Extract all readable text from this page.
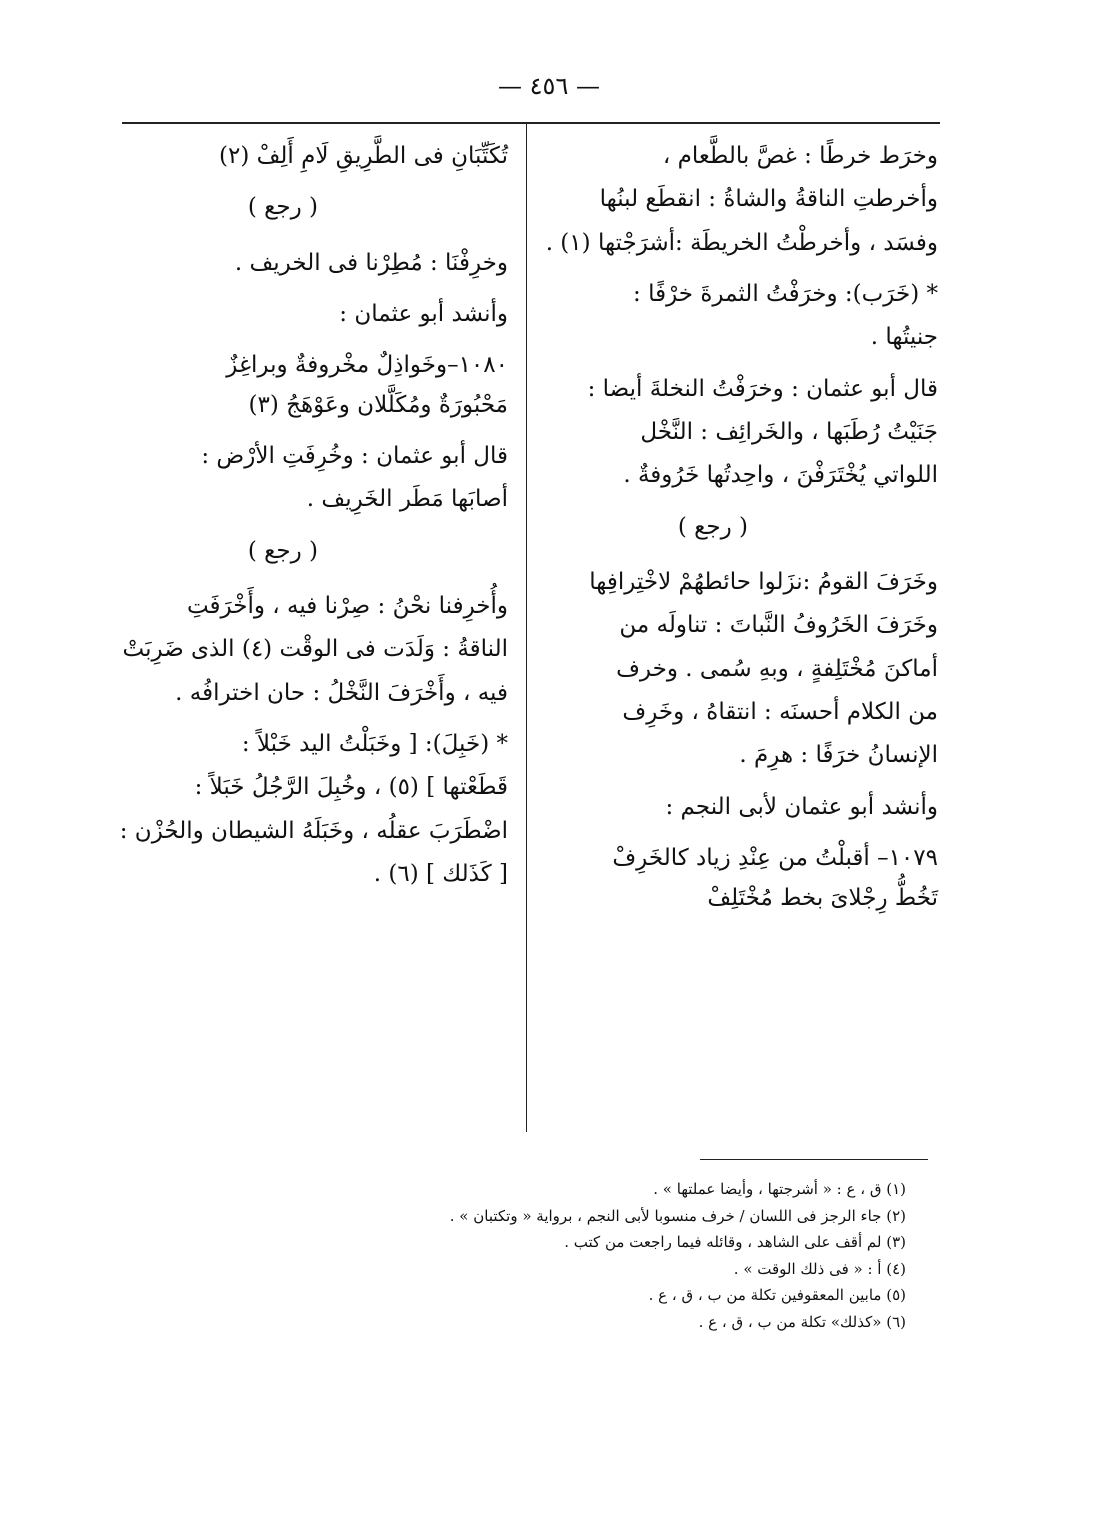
— ٤٥٦ —
وخرَط خرطًا : غصَّ بالطَّعام ،
وأخرطتِ الناقةُ والشاةُ : انقطَع لبنُها
وفسَد ، وأخرطْتُ الخريطَة :أشرَجْتها (١) .
* (خَرَب): وخرَفْتُ الثمرةَ خرْفًا :
جنيتُها .
قال أبو عثمان : وخرَفْتُ النخلةَ أيضا :
جَنَيْتُ رُطَبَها ، والخَرائِف : النَّخْل
اللواتي يُخْتَرَفْنَ ، واحِدتُها خَرُوفةٌ .
( رجع )
وخَرَفَ القومُ :نزَلوا حائطهُمْ لاخْتِرافِها
وخَرَفَ الخَرُوفُ النَّباتَ : تناولَه من
أماكنَ مُخْتَلِفةٍ ، وبهِ سُمى . وخرف
من الكلام أحسنَه : انتقاهُ ، وخَرِف
الإنسانُ خرَفًا : هرِمَ .
وأنشد أبو عثمان لأبى النجم :
١٠٧٩– أقبلْتُ من عِنْدِ زياد كالخَرِفْ
تَخُطُّ رِجْلاىَ بخط مُخْتَلِفْ
تُكَتِّبَانِ فى الطَّرِيقِ لَامِ أَلِفْ (٢)
( رجع )
وخرِفْنَا : مُطِرْنا فى الخريف .
وأنشد أبو عثمان :
١٠٨٠–وخَواذِلٌ مخْروفةٌ وبراغِزٌ
مَحْبُورَةٌ ومُكَلَّلان وعَوْهَجُ (٣)
قال أبو عثمان : وخُرِفَتِ الأرْض :
أصابَها مَطَر الخَرِيف .
( رجع )
وأُخرِفنا نحْنُ : صِرْنا فيه ، وأَخْرَفَتِ
الناقةُ : وَلَدَت فى الوقْت (٤) الذى ضَرِبَتْ
فيه ، وأَخْرَفَ النَّخْلُ : حان اخترافُه .
* (خَبِلَ): [ وخَبَلْتُ اليد خَبْلاً :
قَطَعْتها ] (٥) ، وخُبِلَ الرَّجُلُ خَبَلاً :
اضْطَرَبَ عقلُه ، وخَبَلَهُ الشيطان والحُزْن :
[ كَذَلك ] (٦) .
(١) ق ، ع : « أشرجتها ، وأيضا عملتها » .
(٢) جاء الرجز فى اللسان / خرف منسوبا لأبى النجم ، برواية « وتكتبان » .
(٣) لم أقف على الشاهد ، وقائله فيما راجعت من كتب .
(٤) أ : « فى ذلك الوقت » .
(٥) مابين المعقوفين تكلة من ب ، ق ، ع .
(٦) «كذلك» تكلة من ب ، ق ، ع .
